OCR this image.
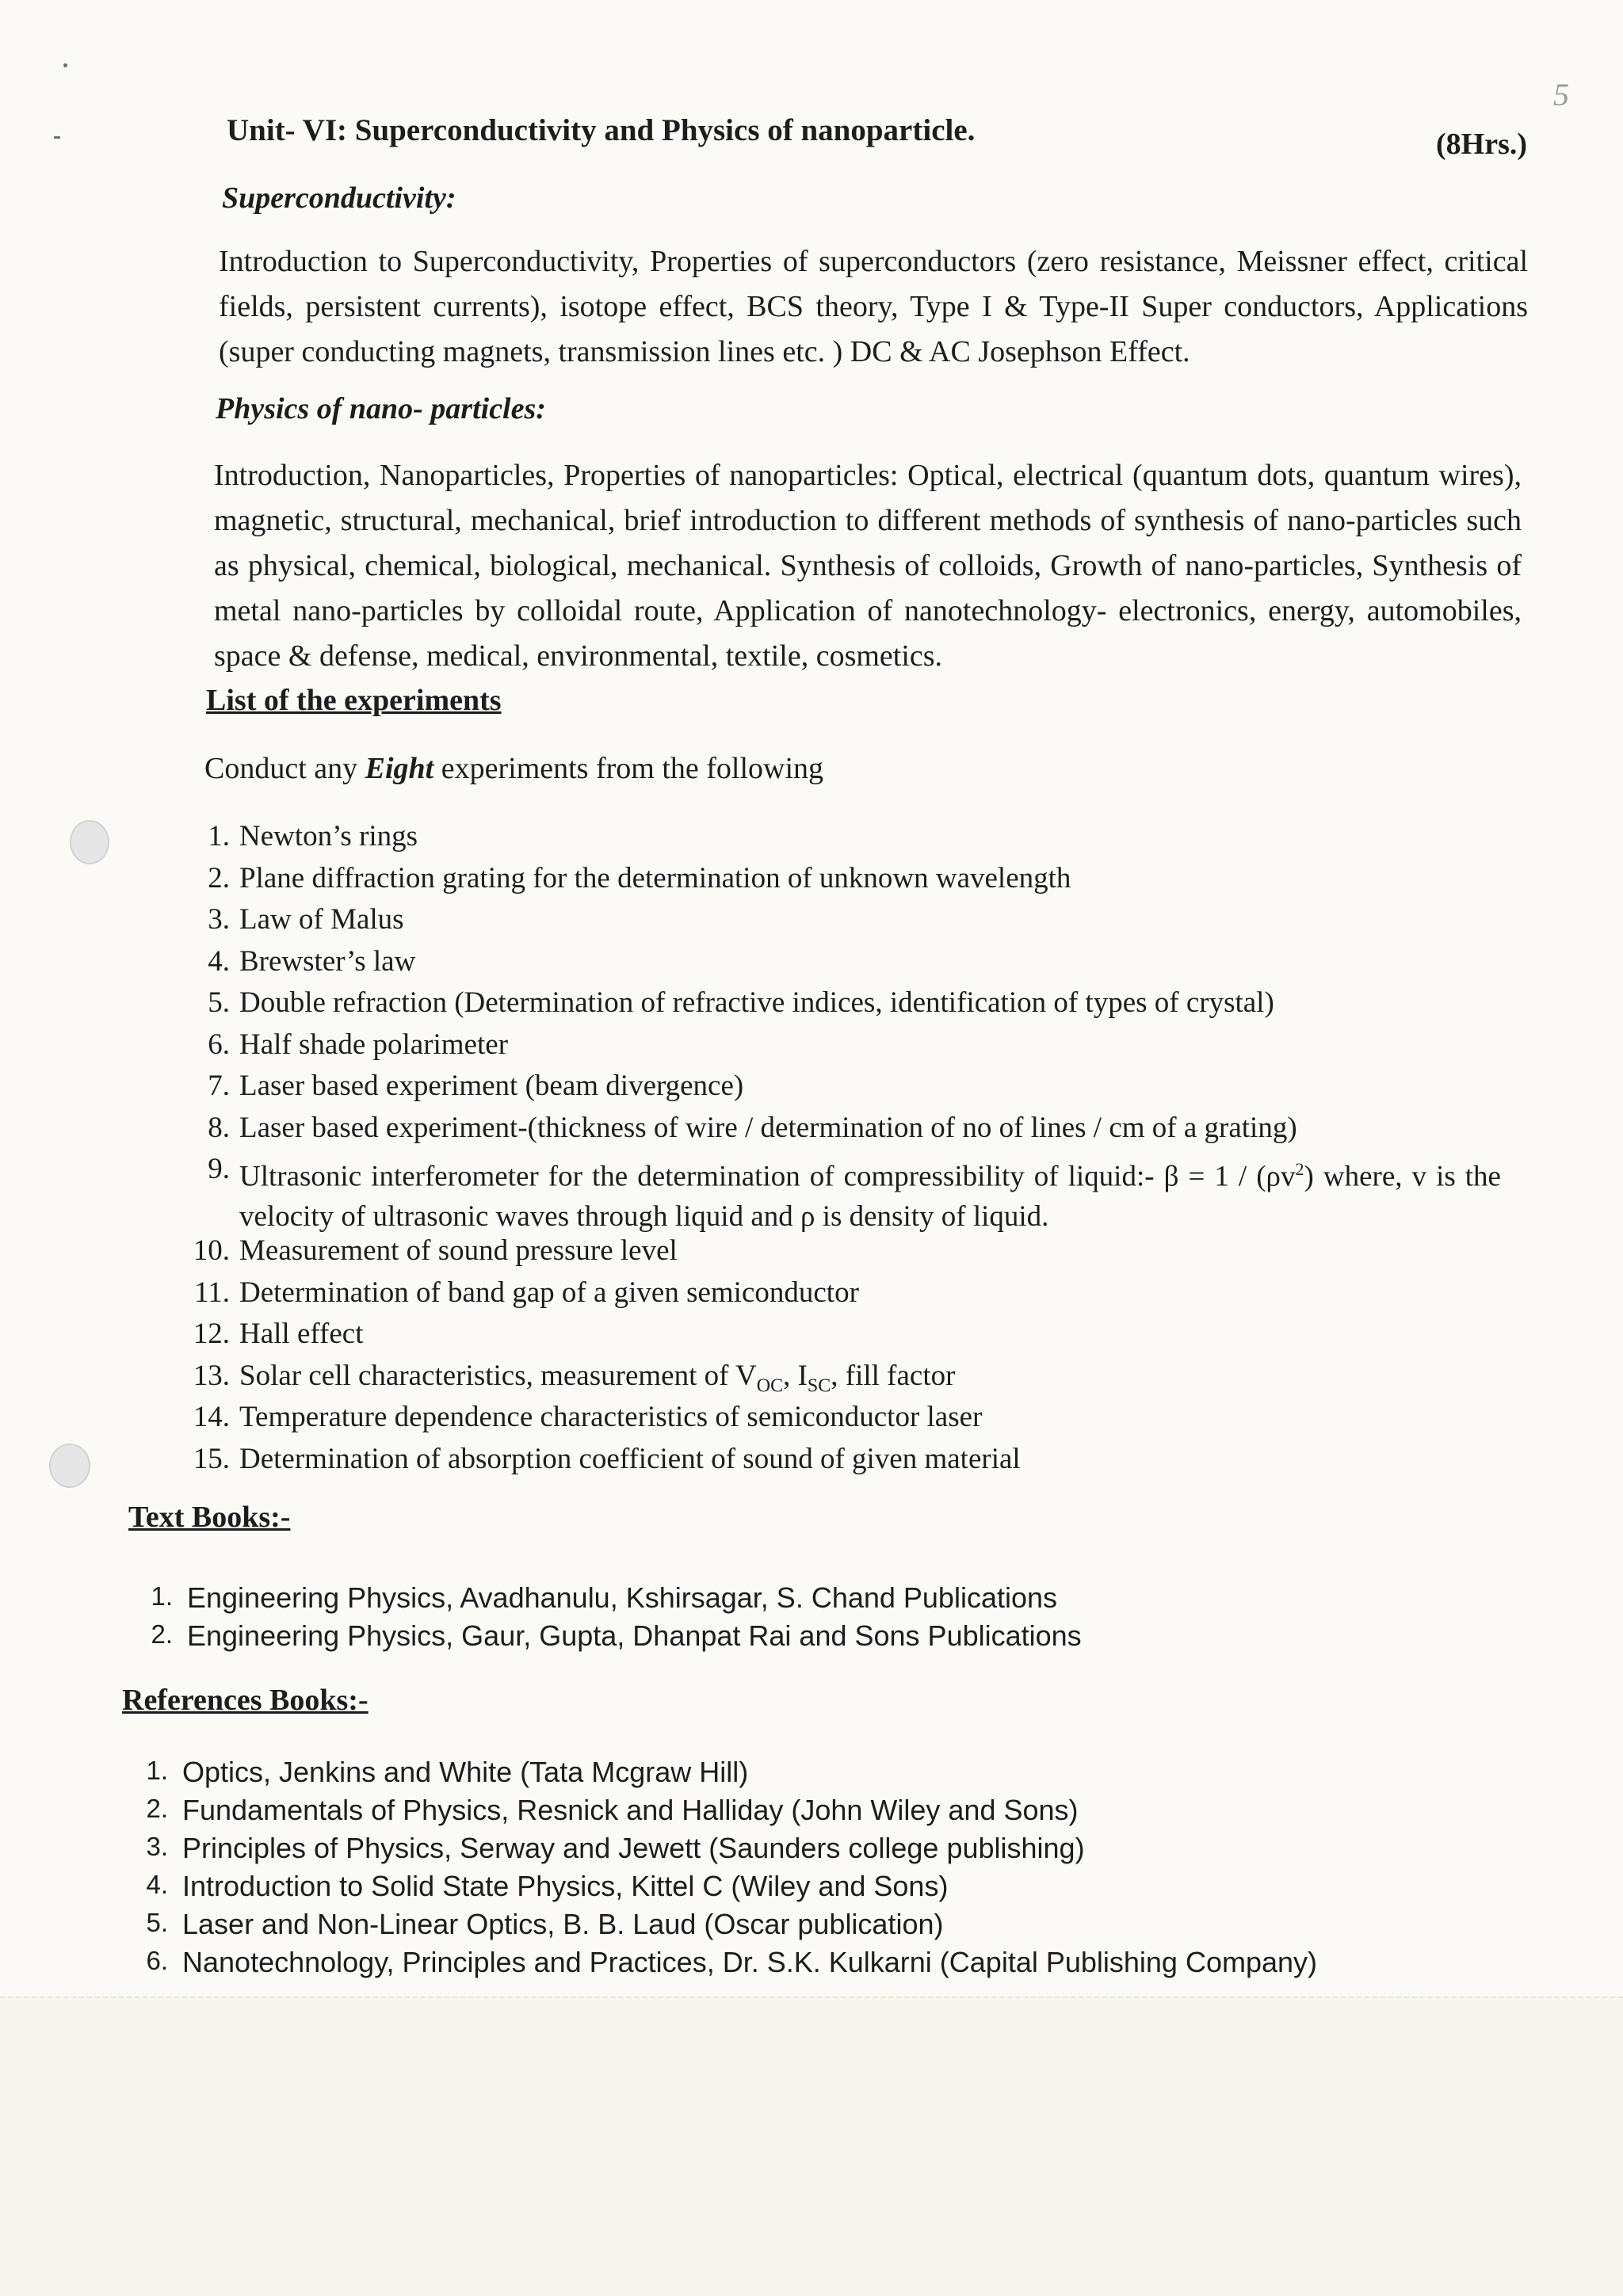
5
Unit- VI: Superconductivity and Physics of nanoparticle.	(8Hrs.)
Superconductivity:
Introduction to Superconductivity, Properties of superconductors (zero resistance, Meissner effect, critical fields, persistent currents), isotope effect, BCS theory, Type I & Type-II Super conductors, Applications (super conducting magnets, transmission lines etc. ) DC & AC Josephson Effect.
Physics of nano- particles:
Introduction, Nanoparticles, Properties of nanoparticles: Optical, electrical (quantum dots, quantum wires), magnetic, structural, mechanical, brief introduction to different methods of synthesis of nano-particles such as physical, chemical, biological, mechanical. Synthesis of colloids, Growth of nano-particles, Synthesis of metal nano-particles by colloidal route, Application of nanotechnology- electronics, energy, automobiles, space & defense, medical, environmental, textile, cosmetics.
List of the experiments
Conduct any Eight experiments from the following
1. Newton’s rings
2. Plane diffraction grating for the determination of unknown wavelength
3. Law of Malus
4. Brewster’s law
5. Double refraction (Determination of refractive indices, identification of types of crystal)
6. Half shade polarimeter
7. Laser based experiment (beam divergence)
8. Laser based experiment-(thickness of wire / determination of no of lines / cm of a grating)
9. Ultrasonic interferometer for the determination of compressibility of liquid:- $\beta = 1 / (\rho v^2)$ where, v is the velocity of ultrasonic waves through liquid and ρ is density of liquid.
10. Measurement of sound pressure level
11. Determination of band gap of a given semiconductor
12. Hall effect
13. Solar cell characteristics, measurement of $V_{OC}$, $I_{SC}$, fill factor
14. Temperature dependence characteristics of semiconductor laser
15. Determination of absorption coefficient of sound of given material
Text Books:-
1. Engineering Physics, Avadhanulu, Kshirsagar, S. Chand Publications
2. Engineering Physics, Gaur, Gupta, Dhanpat Rai and Sons Publications
References Books:-
1. Optics, Jenkins and White (Tata Mcgraw Hill)
2. Fundamentals of Physics, Resnick and Halliday (John Wiley and Sons)
3. Principles of Physics, Serway and Jewett (Saunders college publishing)
4. Introduction to Solid State Physics, Kittel C (Wiley and Sons)
5. Laser and Non-Linear Optics, B. B. Laud (Oscar publication)
6. Nanotechnology, Principles and Practices, Dr. S.K. Kulkarni (Capital Publishing Company)
